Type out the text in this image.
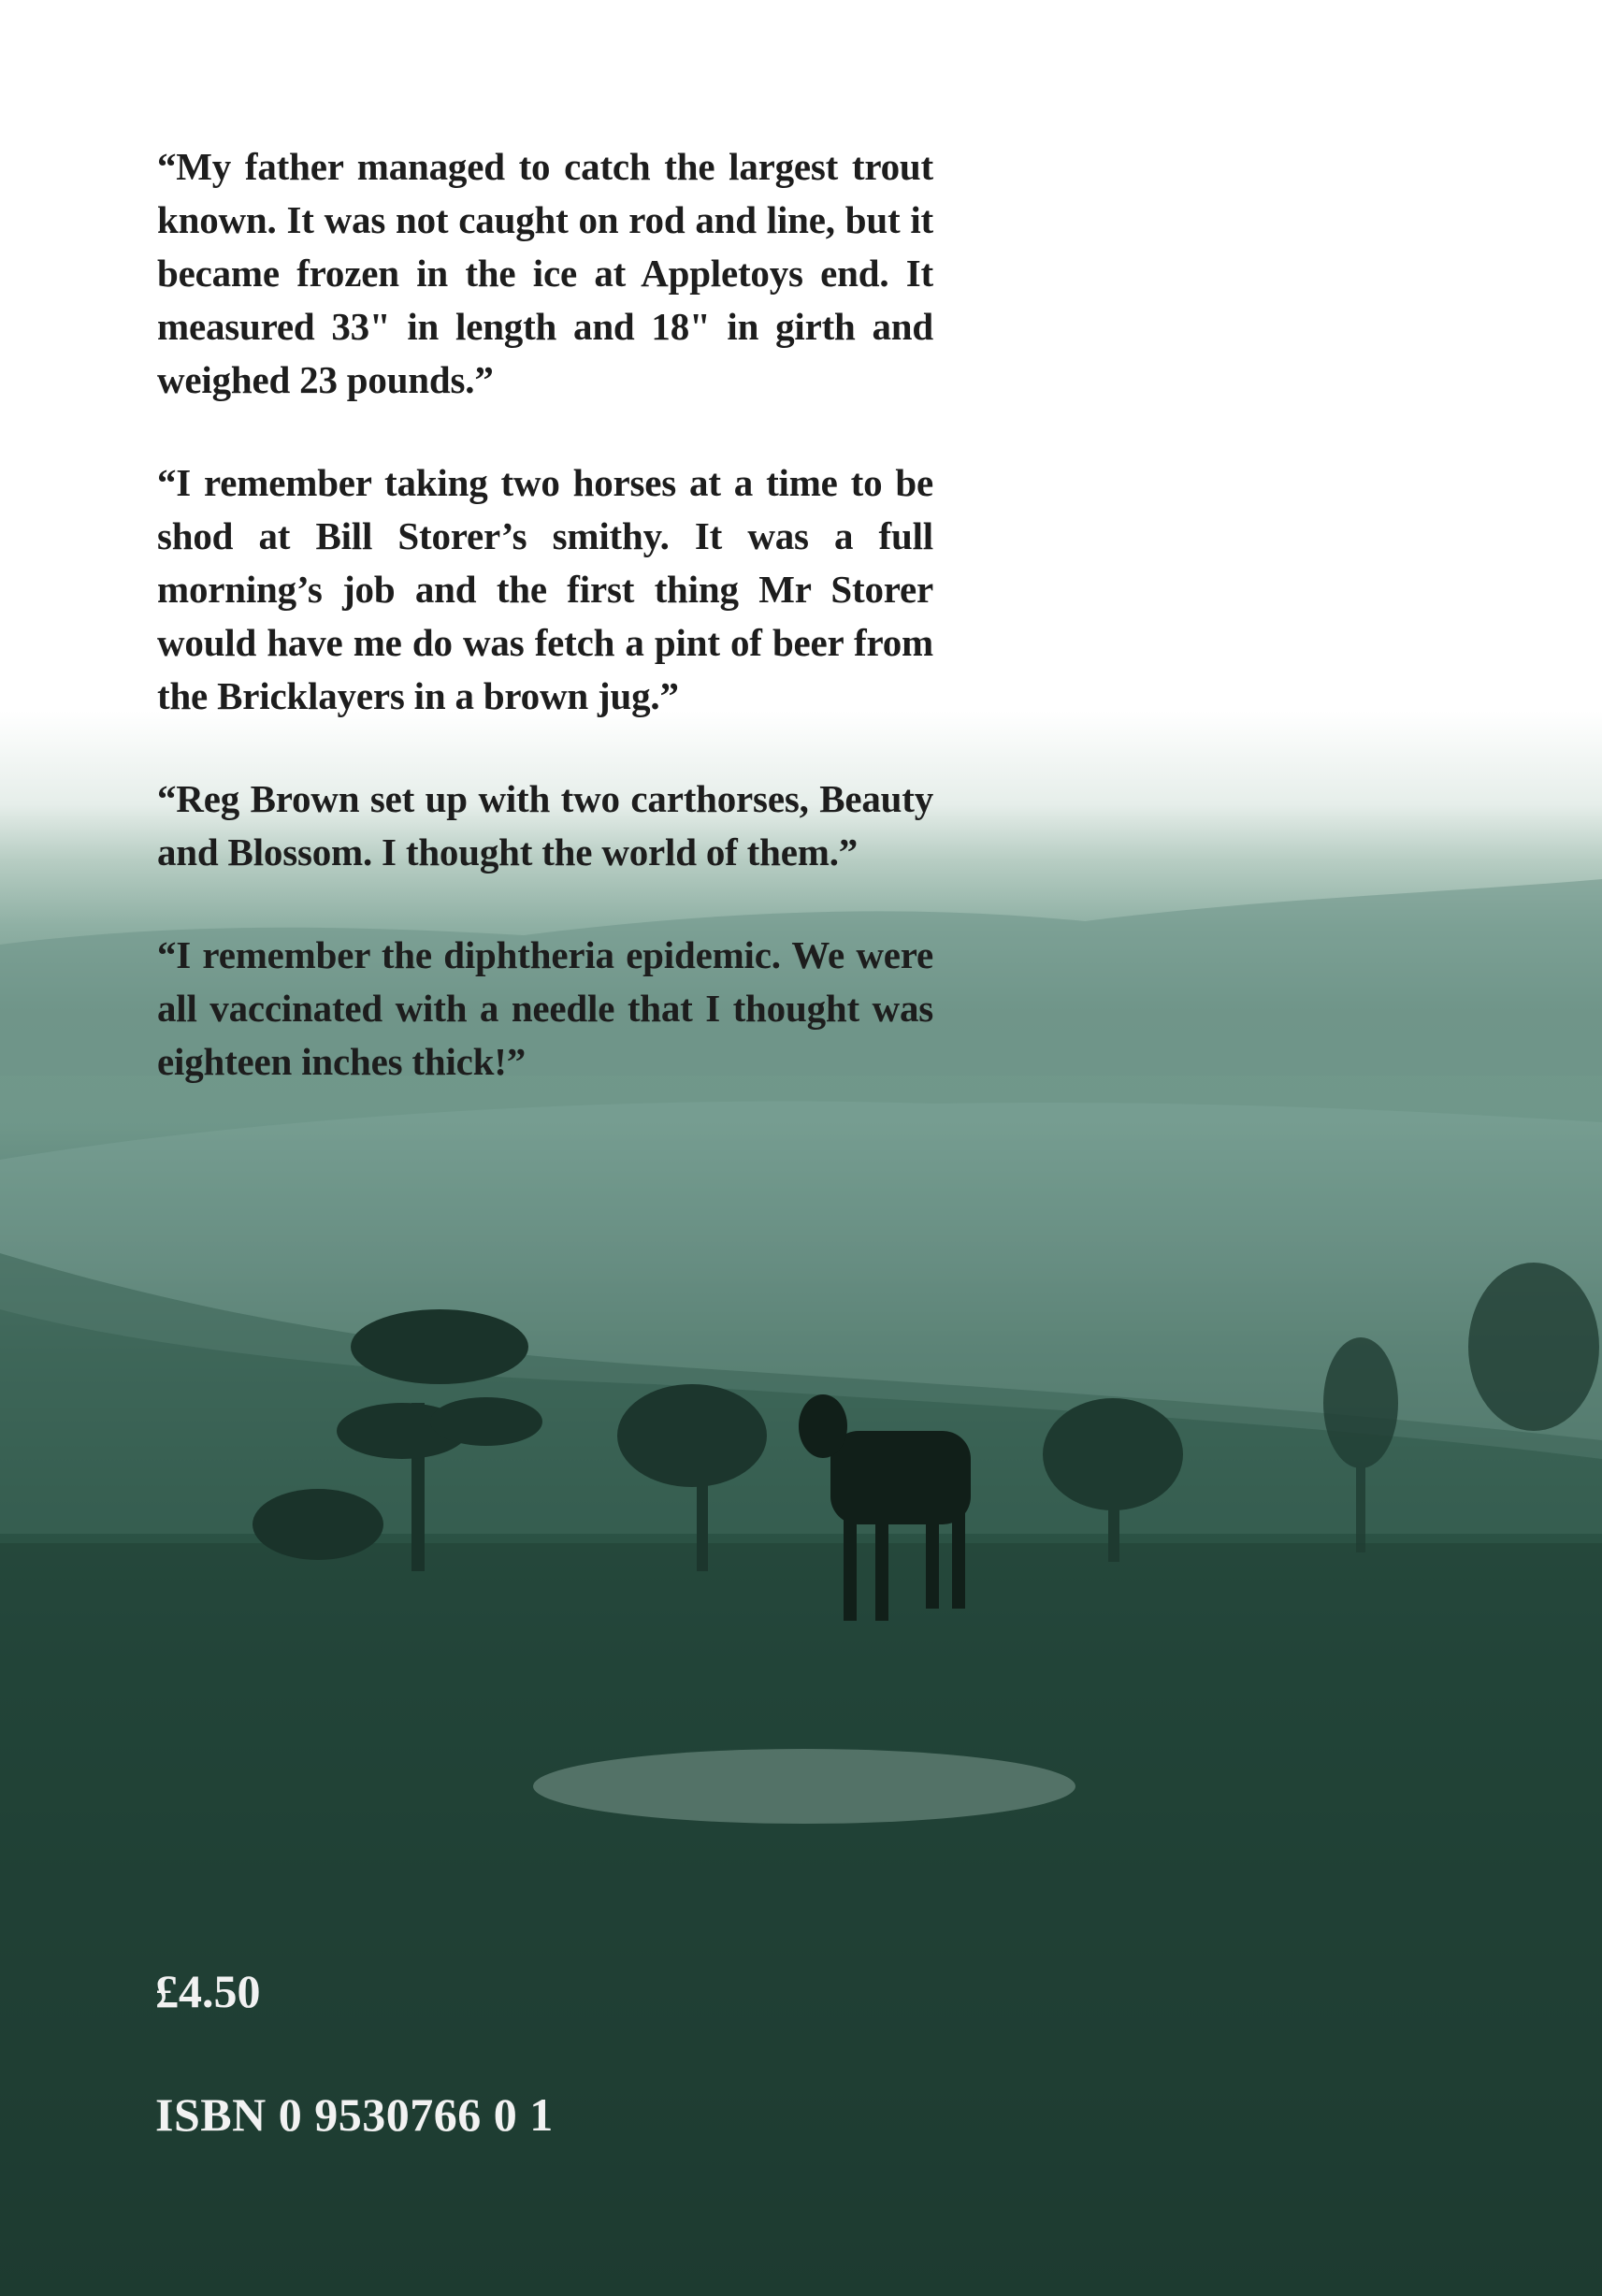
“My father managed to catch the largest trout known. It was not caught on rod and line, but it became frozen in the ice at Appletoys end. It measured 33" in length and 18" in girth and weighed 23 pounds.”

“I remember taking two horses at a time to be shod at Bill Storer’s smithy. It was a full morning’s job and the first thing Mr Storer would have me do was fetch a pint of beer from the Bricklayers in a brown jug.”

“Reg Brown set up with two carthorses, Beauty and Blossom. I thought the world of them.”

“I remember the diphtheria epidemic. We were all vaccinated with a needle that I thought was eighteen inches thick!”

£4.50
ISBN 0 9530766 0 1
